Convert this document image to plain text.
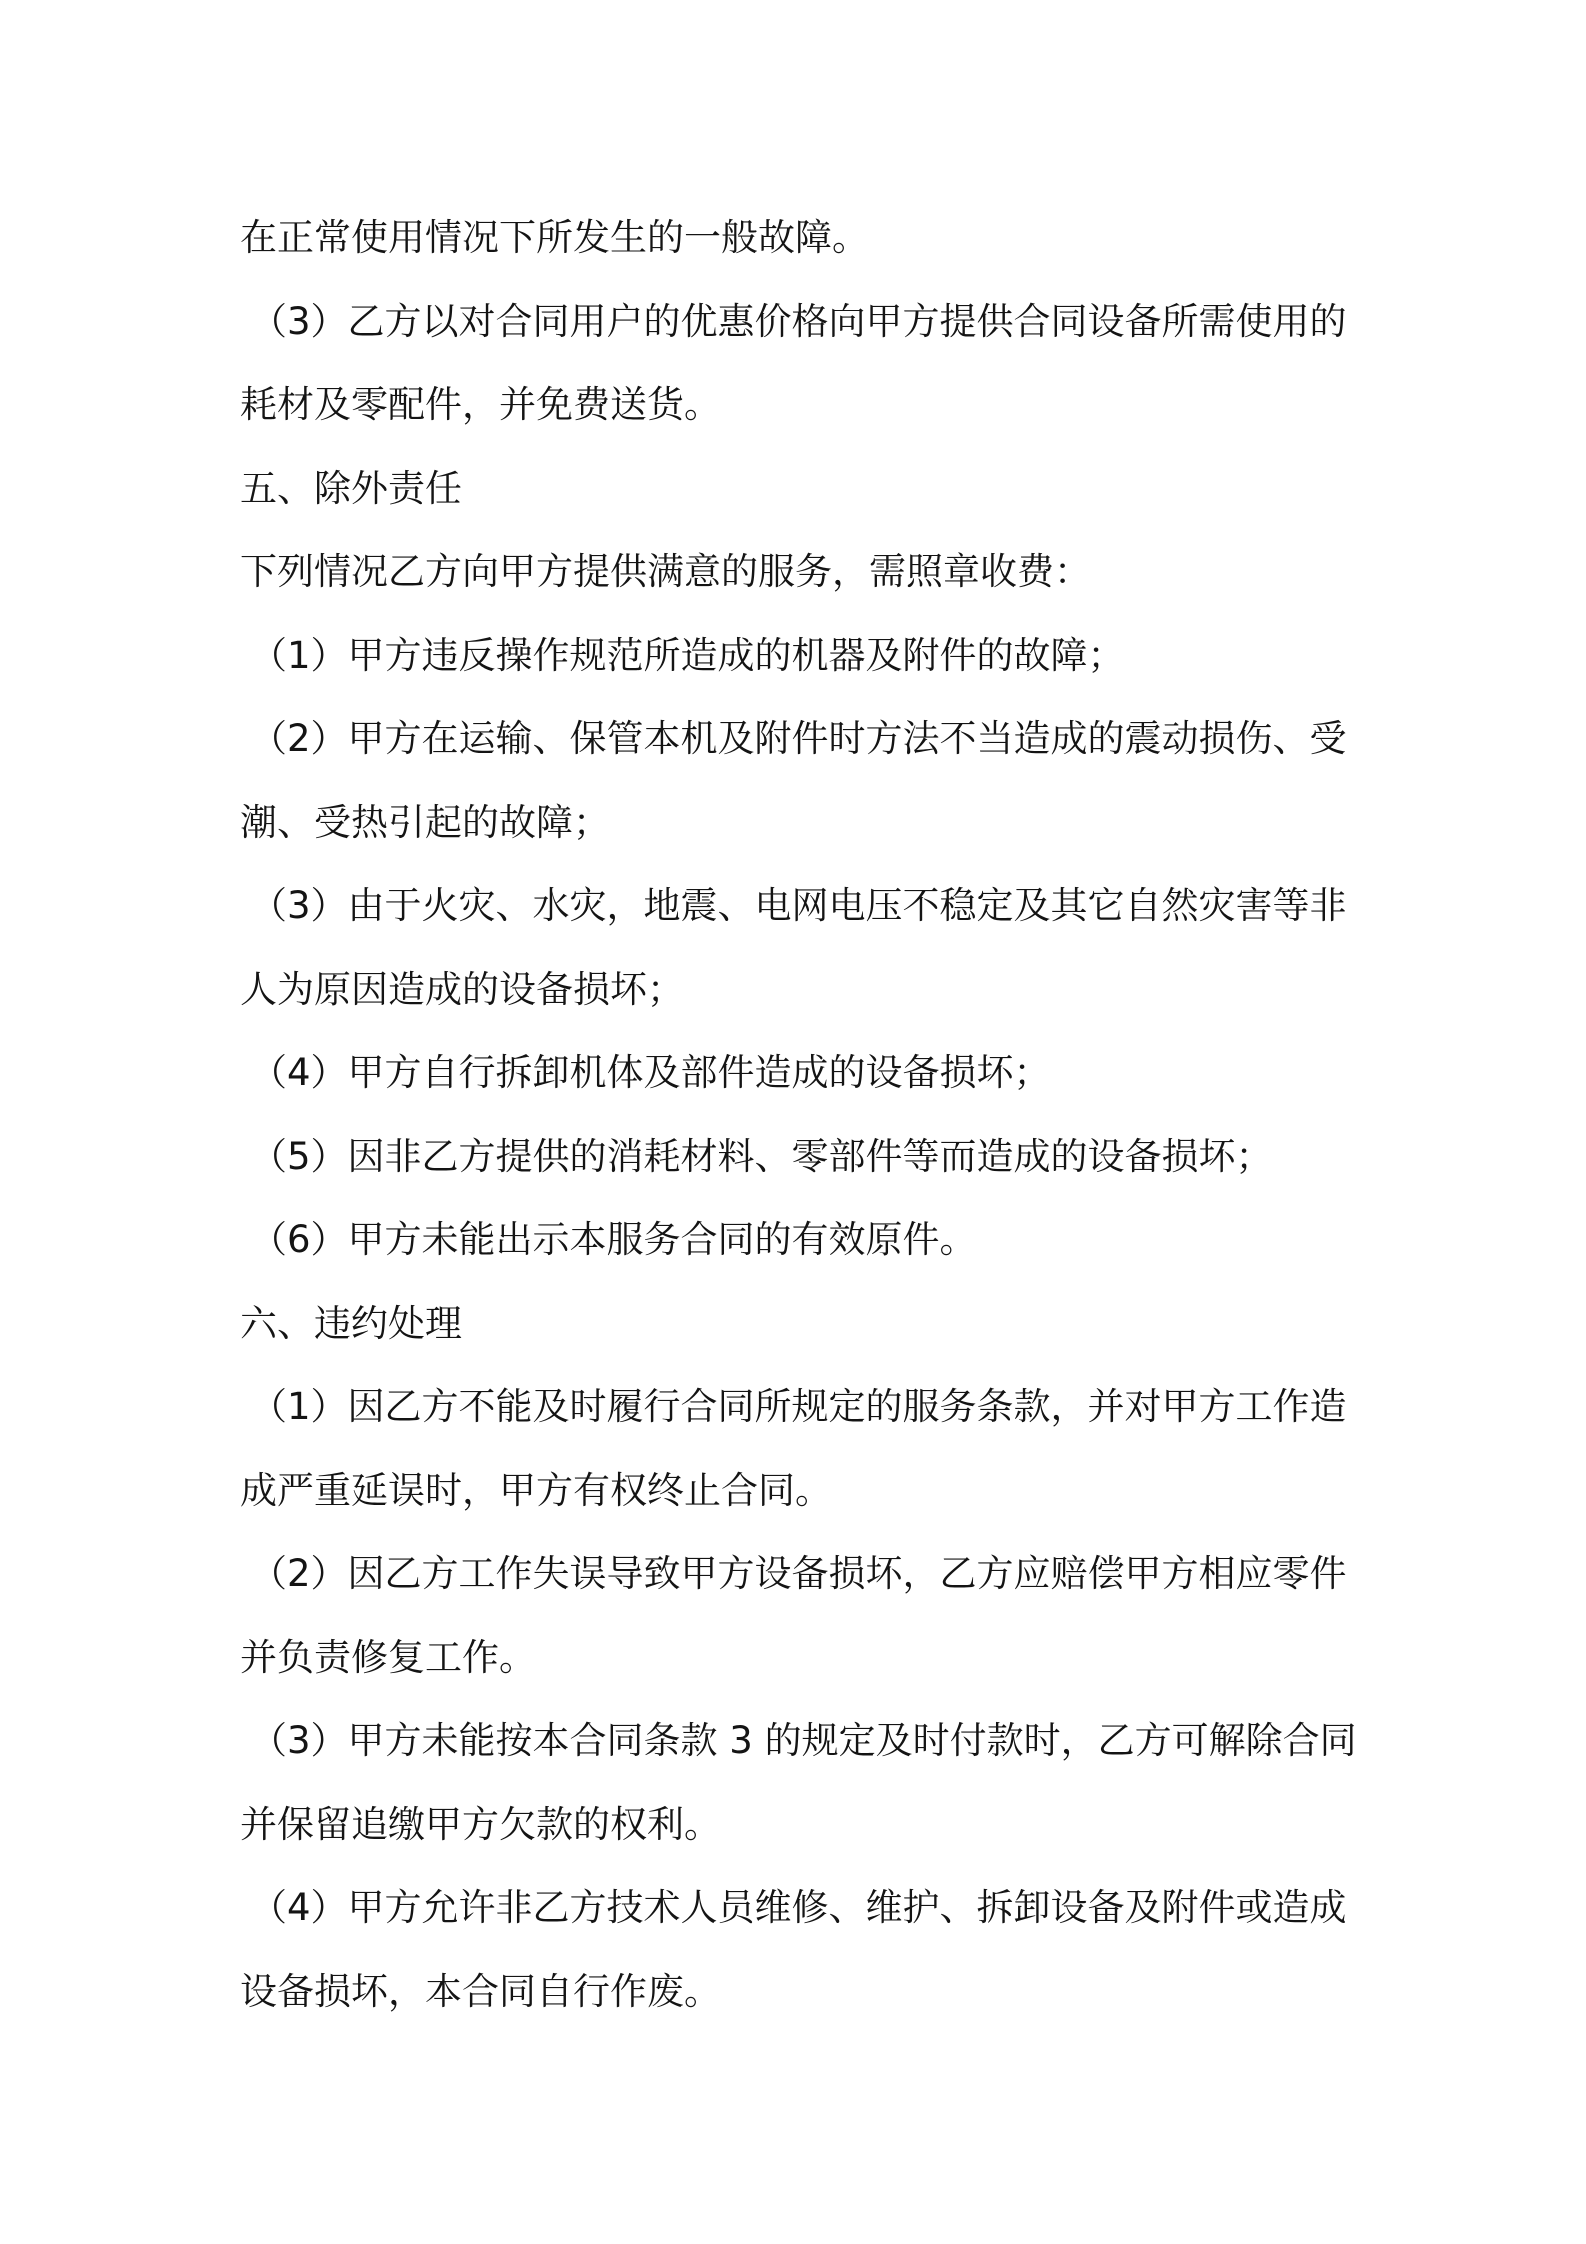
在正常使用情况下所发生的一般故障。
（3）乙方以对合同用户的优惠价格向甲方提供合同设备所需使用的
耗材及零配件，并免费送货。
五、除外责任
下列情况乙方向甲方提供满意的服务，需照章收费：
（1）甲方违反操作规范所造成的机器及附件的故障；
（2）甲方在运输、保管本机及附件时方法不当造成的震动损伤、受
潮、受热引起的故障；
（3）由于火灾、水灾，地震、电网电压不稳定及其它自然灾害等非
人为原因造成的设备损坏；
（4）甲方自行拆卸机体及部件造成的设备损坏；
（5）因非乙方提供的消耗材料、零部件等而造成的设备损坏；
（6）甲方未能出示本服务合同的有效原件。
六、违约处理
（1）因乙方不能及时履行合同所规定的服务条款，并对甲方工作造
成严重延误时，甲方有权终止合同。
（2）因乙方工作失误导致甲方设备损坏，乙方应赔偿甲方相应零件
并负责修复工作。
（3）甲方未能按本合同条款 3 的规定及时付款时，乙方可解除合同
并保留追缴甲方欠款的权利。
（4）甲方允许非乙方技术人员维修、维护、拆卸设备及附件或造成
设备损坏，本合同自行作废。
